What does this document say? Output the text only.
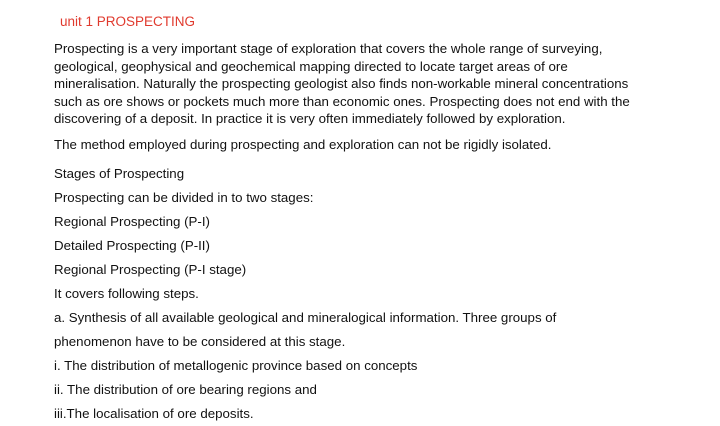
unit 1 PROSPECTING
Prospecting is a very important stage of exploration that covers the whole range of surveying,
geological, geophysical and geochemical mapping directed to locate target areas of ore
mineralisation. Naturally the prospecting geologist also finds non-workable mineral concentrations
such as ore shows or pockets much more than economic ones. Prospecting does not end with the
discovering of a deposit. In practice it is very often immediately followed by exploration.
The method employed during prospecting and exploration can not be rigidly isolated.
Stages of Prospecting
Prospecting can be divided in to two stages:
Regional Prospecting (P-I)
Detailed Prospecting (P-II)
Regional Prospecting (P-I stage)
It covers following steps.
a. Synthesis of all available geological and mineralogical information. Three groups of
phenomenon have to be considered at this stage.
i. The distribution of metallogenic province based on concepts
ii. The distribution of ore bearing regions and
iii.The localisation of ore deposits.
